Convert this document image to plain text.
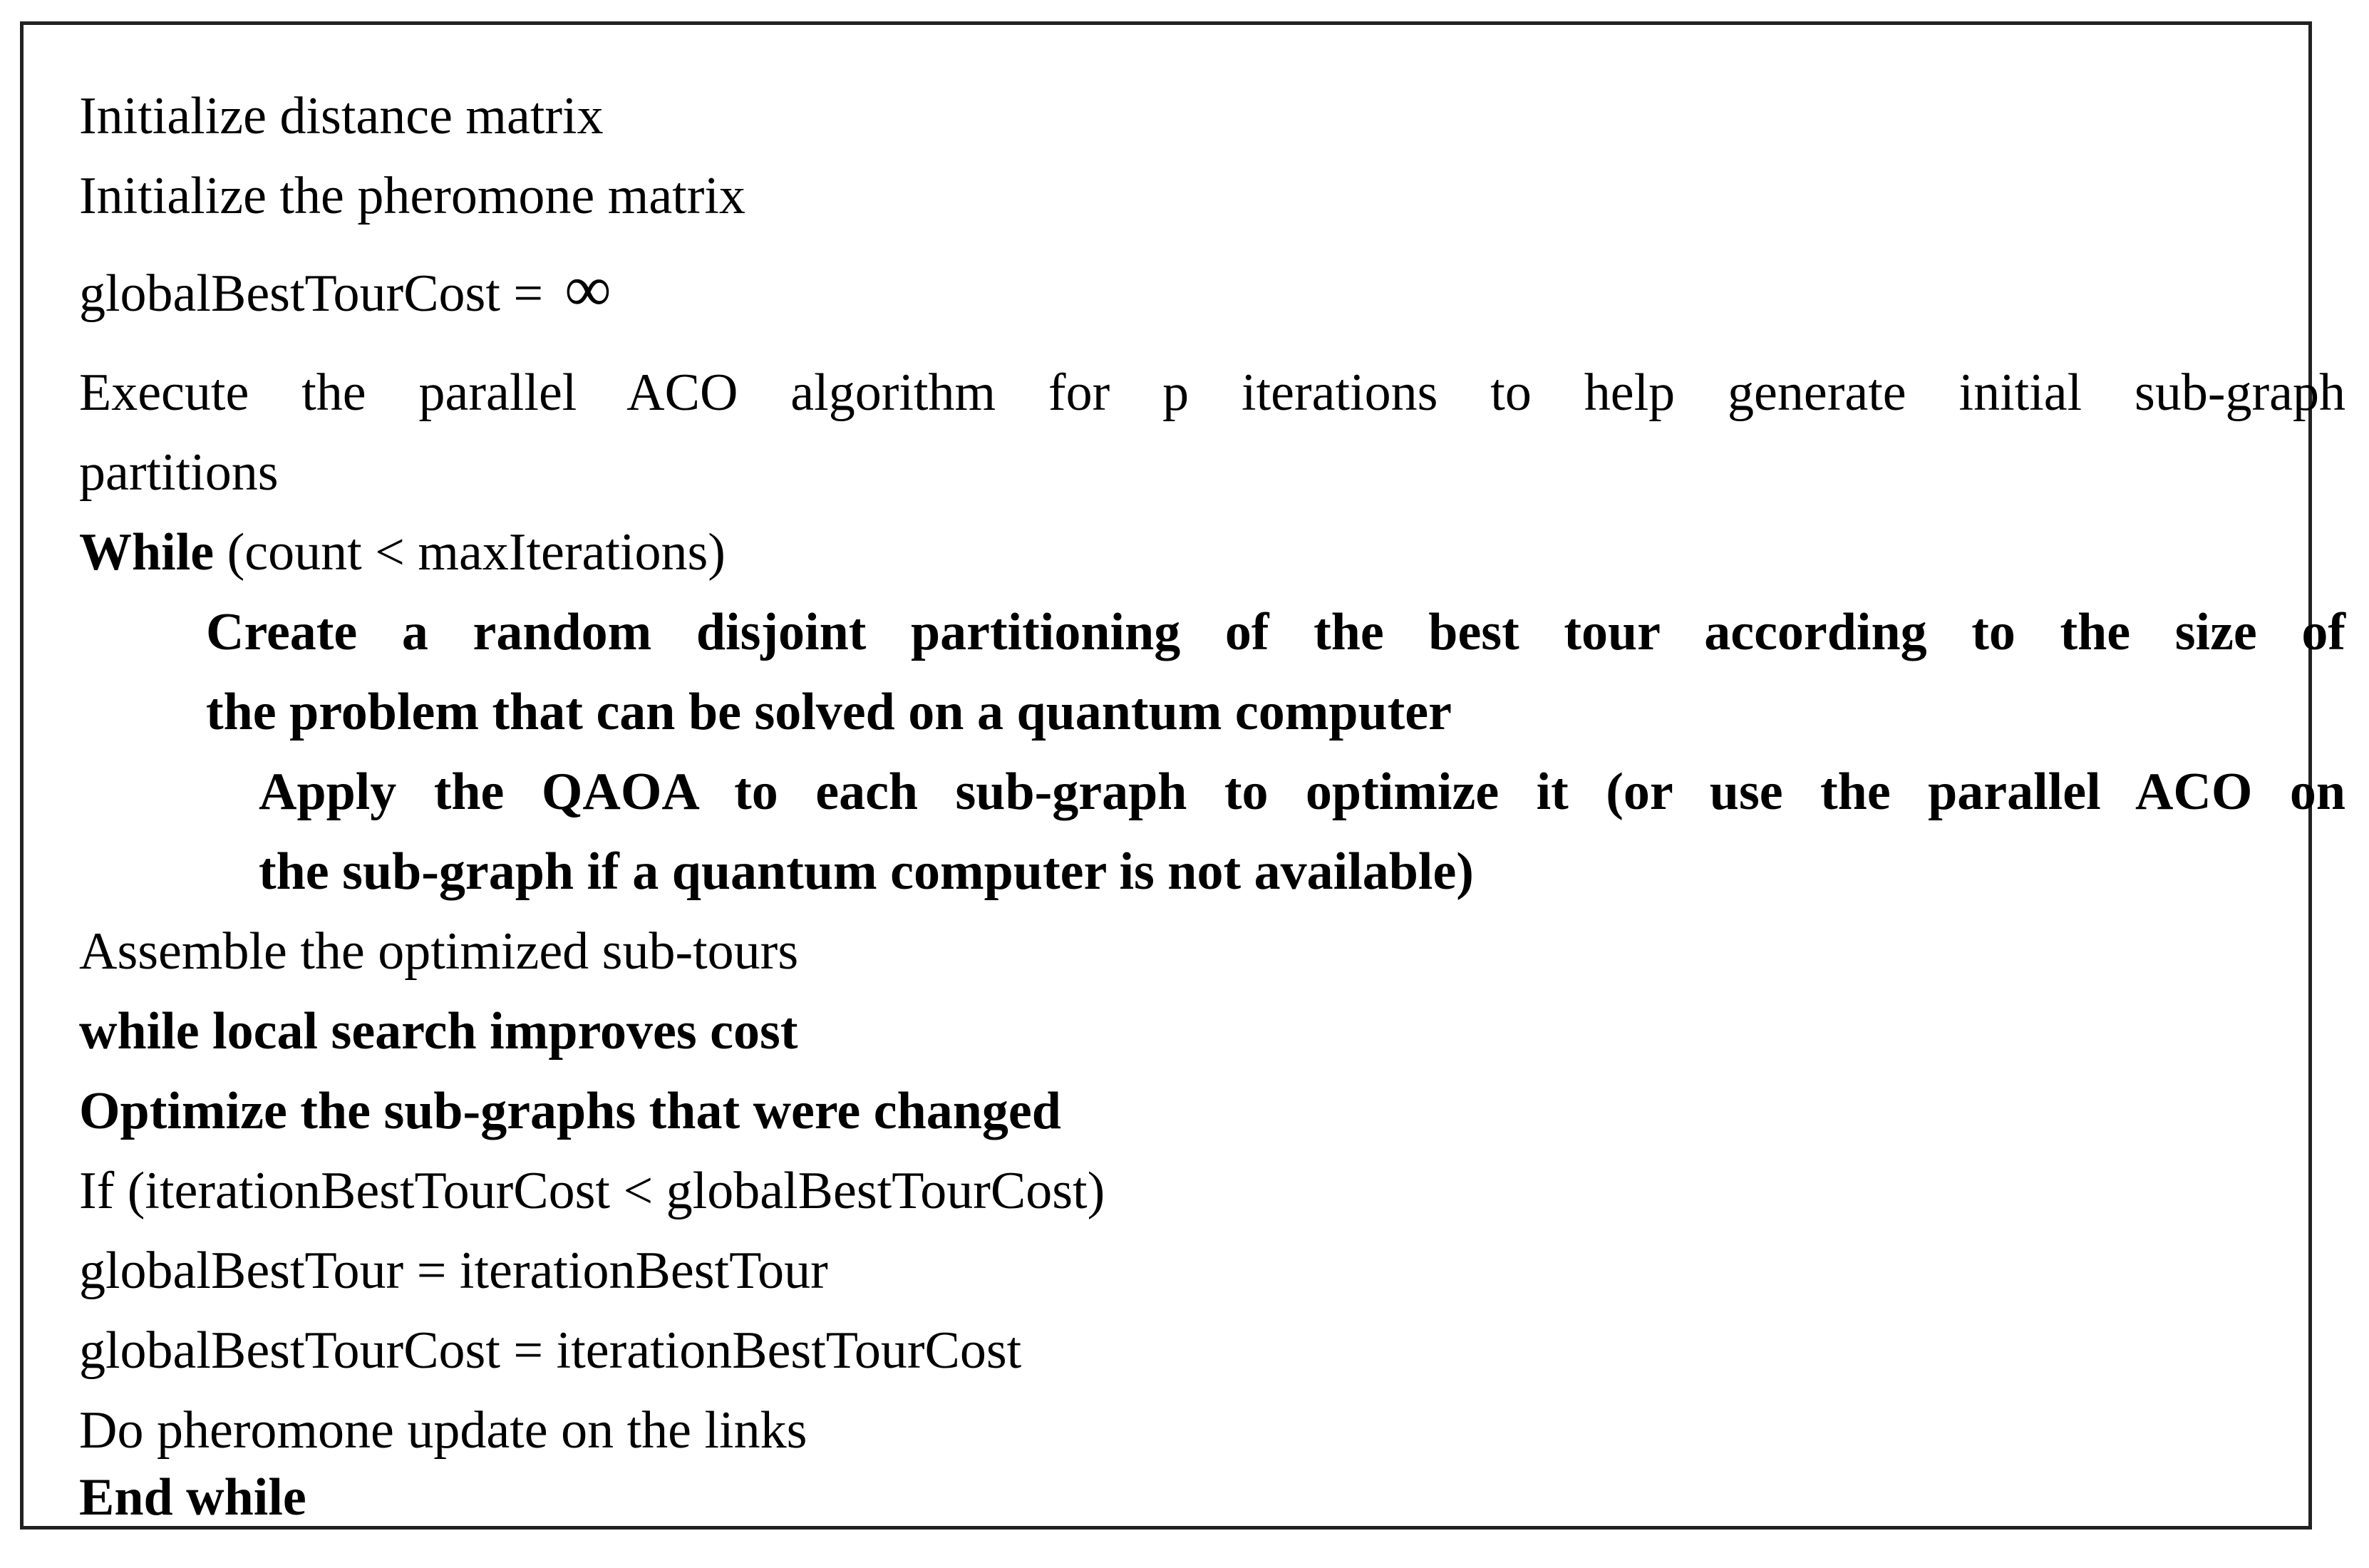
Initialize distance matrix
Initialize the pheromone matrix
globalBestTourCost = ∞
Execute the parallel ACO algorithm for p iterations to help generate initial sub-graph
partitions
While (count < maxIterations)
Create a random disjoint partitioning of the best tour according to the size of
the problem that can be solved on a quantum computer
Apply the QAOA to each sub-graph to optimize it (or use the parallel ACO on
the sub-graph if a quantum computer is not available)
Assemble the optimized sub-tours
while local search improves cost
Optimize the sub-graphs that were changed
If (iterationBestTourCost < globalBestTourCost)
globalBestTour = iterationBestTour
globalBestTourCost = iterationBestTourCost
Do pheromone update on the links
End while
